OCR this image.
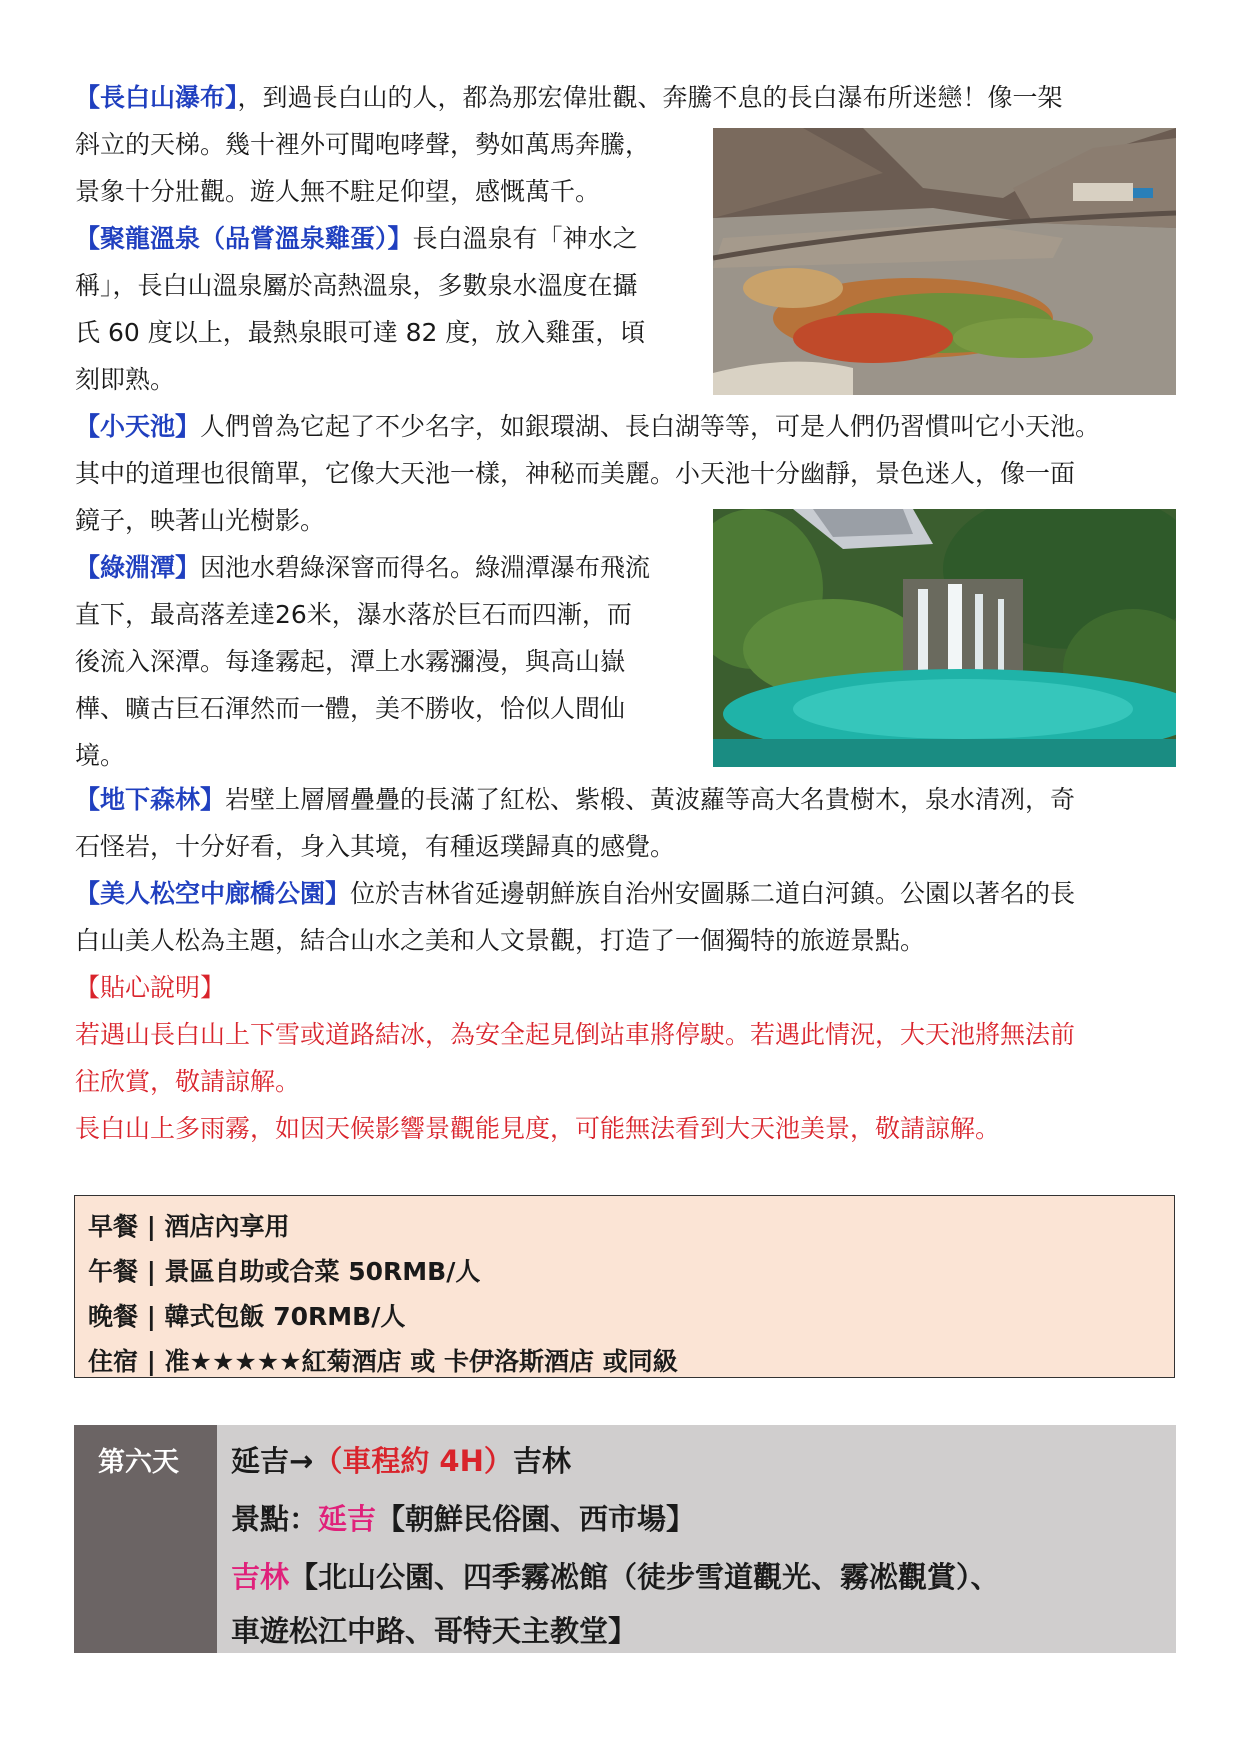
【長白山瀑布】，到過長白山的人，都為那宏偉壯觀、奔騰不息的長白瀑布所迷戀！像一架
斜立的天梯。幾十裡外可聞咆哮聲，勢如萬馬奔騰，
景象十分壯觀。遊人無不駐足仰望，感慨萬千。
【聚龍溫泉（品嘗溫泉雞蛋）】長白溫泉有「神水之
稱」，長白山溫泉屬於高熱溫泉，多數泉水溫度在攝
氏 60 度以上，最熱泉眼可達 82 度，放入雞蛋，頃
刻即熟。
【小天池】人們曾為它起了不少名字，如銀環湖、長白湖等等，可是人們仍習慣叫它小天池。
其中的道理也很簡單，它像大天池一樣，神秘而美麗。小天池十分幽靜，景色迷人，像一面
鏡子，映著山光樹影。
【綠淵潭】因池水碧綠深窨而得名。綠淵潭瀑布飛流
直下，最高落差達26米，瀑水落於巨石而四漸，而
後流入深潭。每逢霧起，潭上水霧瀰漫，與高山嶽
樺、曠古巨石渾然而一體，美不勝收，恰似人間仙
境。
【地下森林】岩壁上層層疊疊的長滿了紅松、紫椴、黃波蘿等高大名貴樹木，泉水清冽，奇
石怪岩，十分好看，身入其境，有種返璞歸真的感覺。
【美人松空中廊橋公園】位於吉林省延邊朝鮮族自治州安圖縣二道白河鎮。公園以著名的長
白山美人松為主題，結合山水之美和人文景觀，打造了一個獨特的旅遊景點。
【貼心說明】
若遇山長白山上下雪或道路結冰，為安全起見倒站車將停駛。若遇此情況，大天池將無法前
往欣賞，敬請諒解。
長白山上多雨霧，如因天候影響景觀能見度，可能無法看到大天池美景，敬請諒解。
早餐 | 酒店內享用
午餐 | 景區自助或合菜 50RMB/人
晚餐 | 韓式包飯 70RMB/人
住宿 | 准★★★★★紅菊酒店 或 卡伊洛斯酒店 或同級
第六天 延吉→（車程約 4H）吉林
景點：延吉【朝鮮民俗園、西市場】
吉林【北山公園、四季霧凇館（徒步雪道觀光、霧凇觀賞）、
車遊松江中路、哥特天主教堂】
